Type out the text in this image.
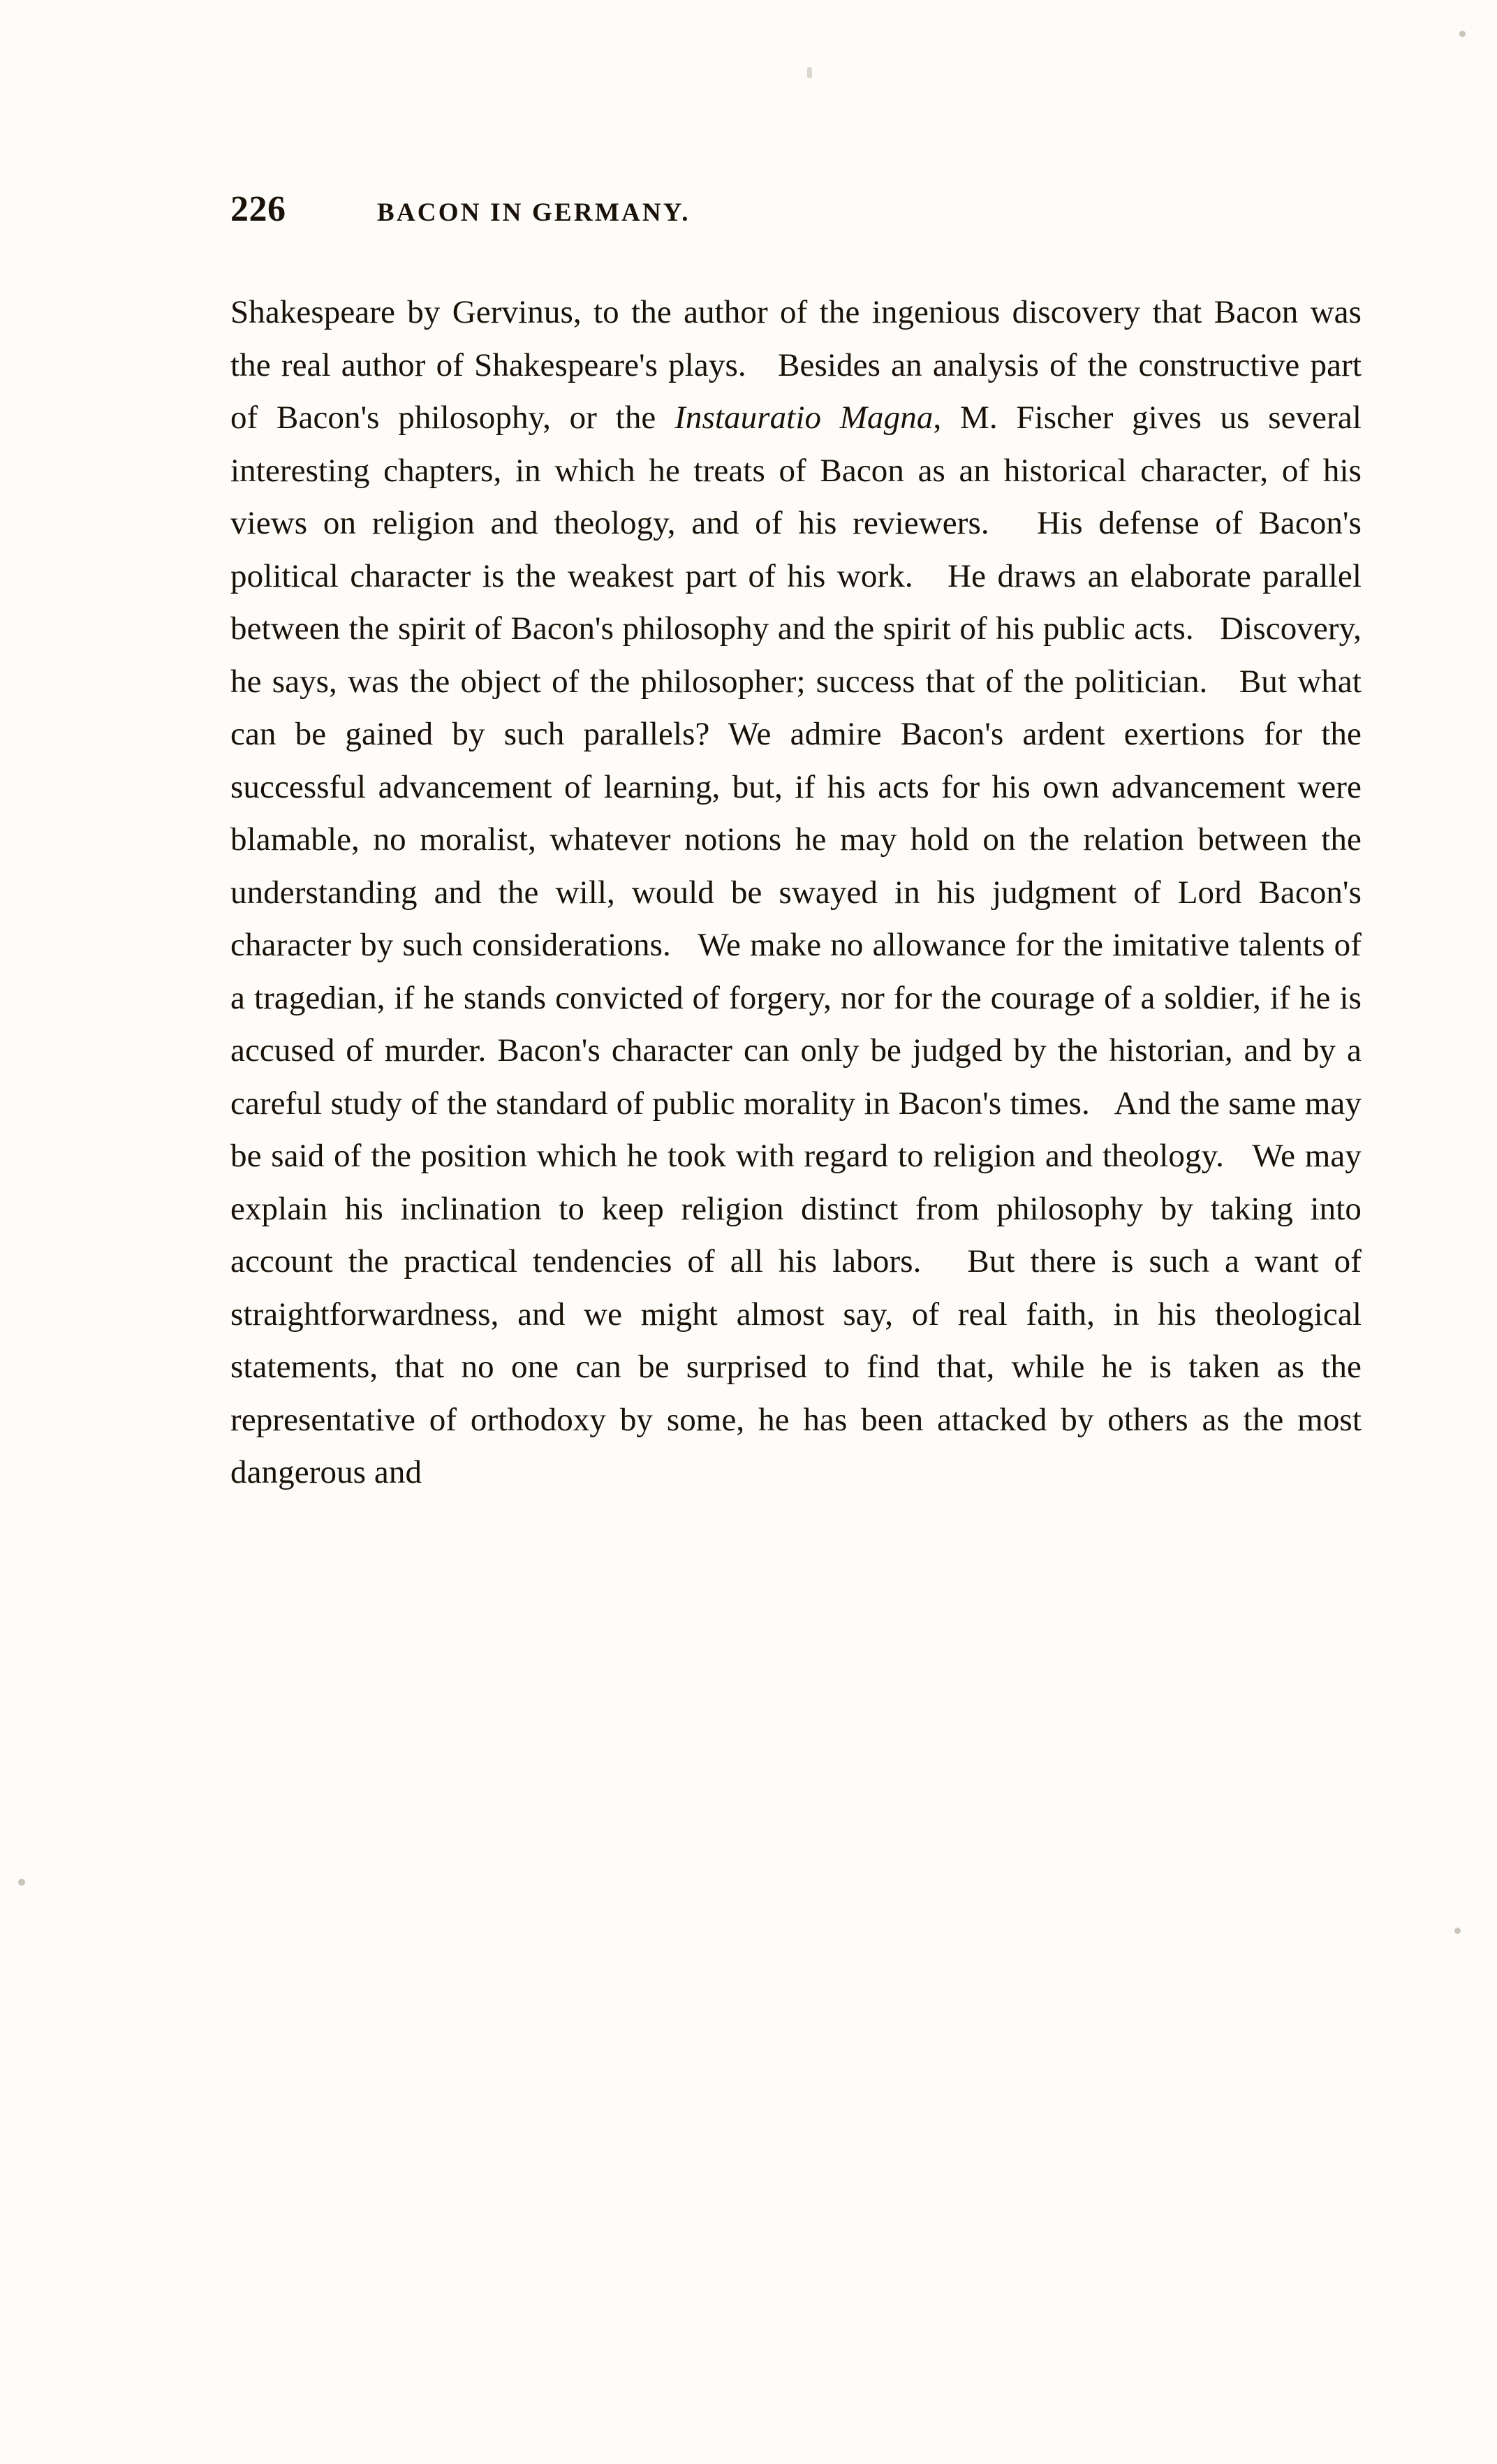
226	BACON IN GERMANY.

Shakespeare by Gervinus, to the author of the ingenious discovery that Bacon was the real author of Shakespeare's plays.   Besides an analysis of the constructive part of Bacon's philosophy, or the Instauratio Magna, M. Fischer gives us several interesting chapters, in which he treats of Bacon as an historical character, of his views on religion and theology, and of his reviewers.   His defense of Bacon's political character is the weakest part of his work.   He draws an elaborate parallel between the spirit of Bacon's philosophy and the spirit of his public acts.   Discovery, he says, was the object of the philosopher; success that of the politician.   But what can be gained by such parallels? We admire Bacon's ardent exertions for the successful advancement of learning, but, if his acts for his own advancement were blamable, no moralist, whatever notions he may hold on the relation between the understanding and the will, would be swayed in his judgment of Lord Bacon's character by such considerations.   We make no allowance for the imitative talents of a tragedian, if he stands convicted of forgery, nor for the courage of a soldier, if he is accused of murder. Bacon's character can only be judged by the historian, and by a careful study of the standard of public morality in Bacon's times.   And the same may be said of the position which he took with regard to religion and theology.   We may explain his inclination to keep religion distinct from philosophy by taking into account the practical tendencies of all his labors.   But there is such a want of straightforwardness, and we might almost say, of real faith, in his theological statements, that no one can be surprised to find that, while he is taken as the representative of orthodoxy by some, he has been attacked by others as the most dangerous and
